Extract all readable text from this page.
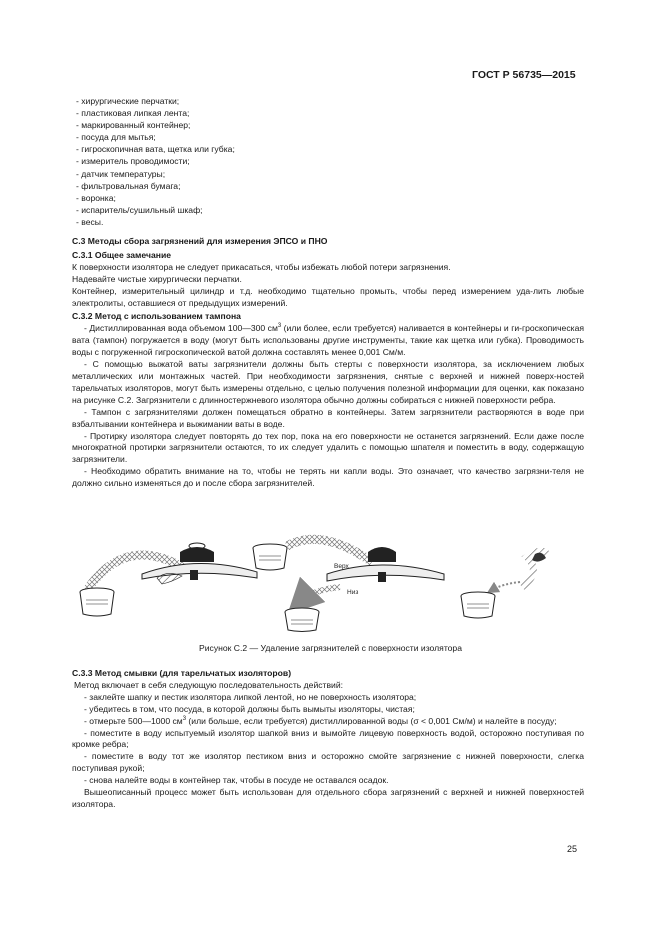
ГОСТ Р 56735—2015
- хирургические перчатки;
- пластиковая липкая лента;
- маркированный контейнер;
- посуда для мытья;
- гигроскопичная вата, щетка или губка;
- измеритель проводимости;
- датчик температуры;
- фильтровальная бумага;
- воронка;
- испаритель/сушильный шкаф;
- весы.

С.3 Методы сбора загрязнений для измерения ЭПСО и ПНО

С.3.1 Общее замечание

К поверхности изолятора не следует прикасаться, чтобы избежать любой потери загрязнения.

Надевайте чистые хирургически перчатки.

Контейнер, измерительный цилиндр и т.д. необходимо тщательно промыть, чтобы перед измерением уда-лить любые электролиты, оставшиеся от предыдущих измерений.

С.3.2 Метод с использованием тампона

- Дистиллированная вода объемом 100—300 $см^3$ (или более, если требуется) наливается в контейнеры и ги-гроскопическая вата (тампон) погружается в воду (могут быть использованы другие инструменты, такие как щетка или губка). Проводимость воды с погруженной гигроскопической ватой должна составлять менее 0,001 См/м.

- С помощью выжатой ваты загрязнители должны быть стерты с поверхности изолятора, за исключением любых металлических или монтажных частей. При необходимости загрязнения, снятые с верхней и нижней поверх-ностей тарельчатых изоляторов, могут быть измерены отдельно, с целью получения полезной информации для оценки, как показано на рисунке С.2. Загрязнители с длинностержневого изолятора обычно должны собираться с нижней поверхности ребра.

- Тампон с загрязнителями должен помещаться обратно в контейнеры. Затем загрязнители растворяются в воде при взбалтывании контейнера и выжимании ваты в воде.

- Протирку изолятора следует повторять до тех пор, пока на его поверхности не останется загрязнений. Если даже после многократной протирки загрязнители остаются, то их следует удалить с помощью шпателя и поместить в воду, содержащую загрязнители.

- Необходимо обратить внимание на то, чтобы не терять ни капли воды. Это означает, что качество загрязни-теля не должно сильно изменяться до и после сбора загрязнителей.

Верх
Низ
Рисунок С.2 — Удаление загрязнителей с поверхности изолятора

С.3.3 Метод смывки (для тарельчатых изоляторов)

Метод включает в себя следующую последовательность действий:

- заклейте шапку и пестик изолятора липкой лентой, но не поверхность изолятора;

- убедитесь в том, что посуда, в которой должны быть вымыты изоляторы, чистая;

- отмерьте 500—1000 $см^3$ (или больше, если требуется) дистиллированной воды (σ < 0,001 См/м) и налейте в посуду;

- поместите в воду испытуемый изолятор шапкой вниз и вымойте лицевую поверхность водой, осторожно поступивая по кромке ребра;

- поместите в воду тот же изолятор пестиком вниз и осторожно смойте загрязнение с нижней поверхности, слегка поступивая рукой;

- снова налейте воды в контейнер так, чтобы в посуде не оставался осадок.

Вышеописанный процесс может быть использован для отдельного сбора загрязнений с верхней и нижней поверхностей изолятора.

25
